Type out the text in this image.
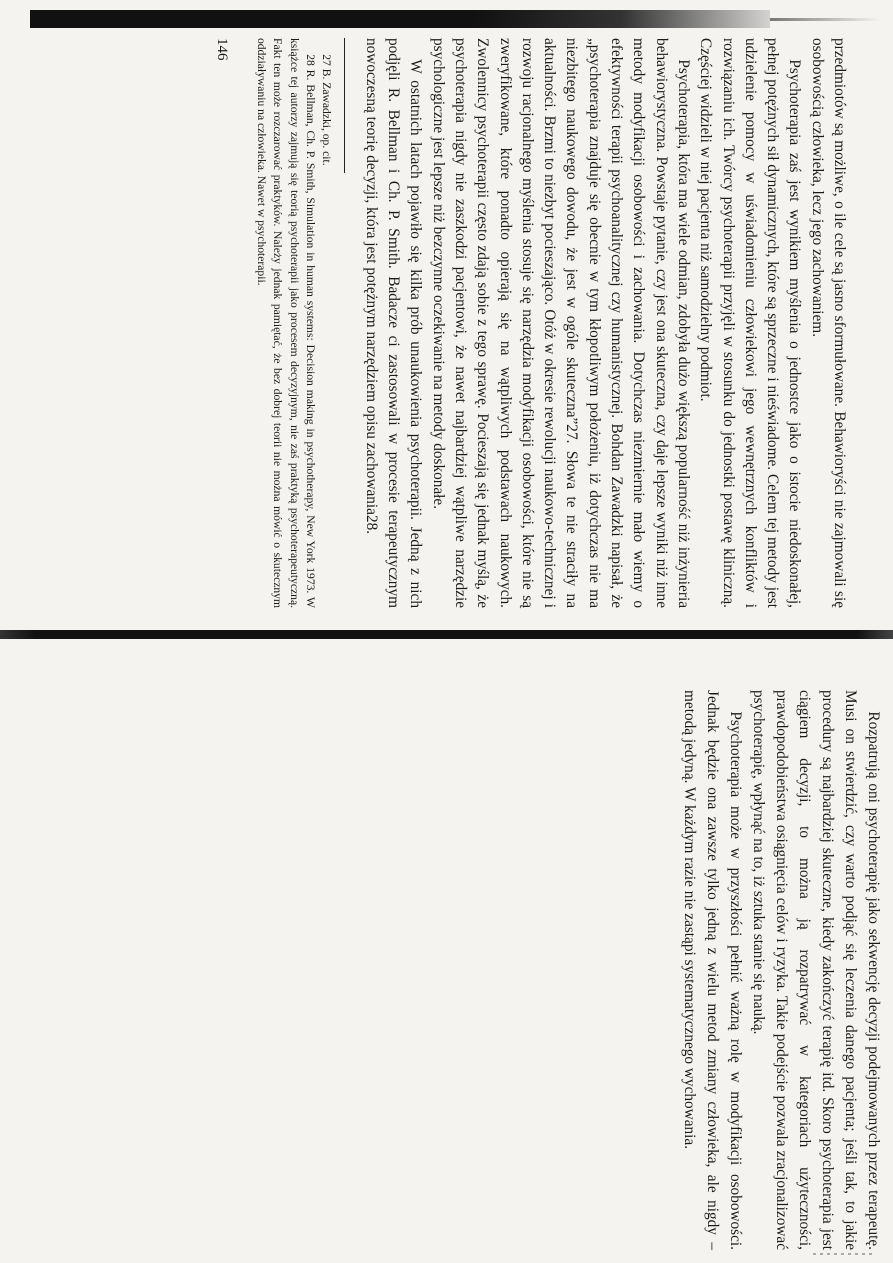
Rozpatrują oni psychoterapię jako sekwencję decyzji podejmowanych przez terapeutę. Musi on stwierdzić, czy warto podjąć się leczenia danego pacjenta; jeśli tak, to jakie procedury są najbardziej skuteczne, kiedy zakończyć terapię itd. Skoro psychoterapia jest ciągiem decyzji, to można ją rozpatrywać w kategoriach użyteczności, prawdopodobieństwa osiągnięcia celów i ryzyka. Takie podejście pozwala zracjonalizować psychoterapię, wpłynąć na to, iż sztuka stanie się nauką.

Psychoterapia może w przyszłości pełnić ważną rolę w modyfikacji osobowości. Jednak będzie ona zawsze tylko jedną z wielu metod zmiany człowieka, ale nigdy – metodą jedyną. W każdym razie nie zastąpi systematycznego wychowania.

przedmiotów są możliwe, o ile cele są jasno sformułowane. Behawioryści nie zajmowali się osobowością człowieka, lecz jego zachowaniem.

Psychoterapia zaś jest wynikiem myślenia o jednostce jako o istocie niedoskonałej, pełnej potężnych sił dynamicznych, które są sprzeczne i nieświadome. Celem tej metody jest udzielenie pomocy w uświadomieniu człowiekowi jego wewnętrznych konfliktów i rozwiązaniu ich. Twórcy psychoterapii przyjęli w stosunku do jednostki postawę kliniczną. Częściej widzieli w niej pacjenta niż samodzielny podmiot.

Psychoterapia, która ma wiele odmian, zdobyła dużo większą popularność niż inżynieria behawiorystyczna. Powstaje pytanie, czy jest ona skuteczna, czy daje lepsze wyniki niż inne metody modyfikacji osobowości i zachowania. Dotychczas niezmiernie mało wiemy o efektywności terapii psychoanalitycznej czy humanistycznej. Bohdan Zawadzki napisał, że „psychoterapia znajduje się obecnie w tym kłopotliwym położeniu, iż dotychczas nie ma niezbitego naukowego dowodu, że jest w ogóle skuteczna”27. Słowa te nie straciły na aktualności. Brzmi to niezbyt pocieszająco. Otóż w okresie rewolucji naukowo-technicznej i rozwoju racjonalnego myślenia stosuje się narzędzia modyfikacji osobowości, które nie są zweryfikowane, które ponadto opierają się na wątpliwych podstawach naukowych. Zwolennicy psychoterapii często zdają sobie z tego sprawę. Pocieszają się jednak myślą, że psychoterapia nigdy nie zaszkodzi pacjentowi, że nawet najbardziej wątpliwe narzędzie psychologiczne jest lepsze niż bezczynne oczekiwanie na metody doskonałe.

W ostatnich latach pojawiło się kilka prób unaukowienia psychoterapii. Jedną z nich podjęli R. Bellman i Ch. P. Smith. Badacze ci zastosowali w procesie terapeutycznym nowoczesną teorię decyzji, która jest potężnym narzędziem opisu zachowania28.

27 B. Zawadzki, op. cit.

28 R. Bellman, Ch. P. Smith, Simulation in human systems: Decision making in psychotherapy, New York 1973. W książce tej autorzy zajmują się teorią psychoterapii jako procesem decyzyjnym, nie zaś praktyką psychoterapeutyczną. Fakt ten może rozczarować praktyków. Należy jednak pamiętać, że bez dobrej teorii nie można mówić o skutecznym oddziaływaniu na człowieka. Nawet w psychoterapii.

146
